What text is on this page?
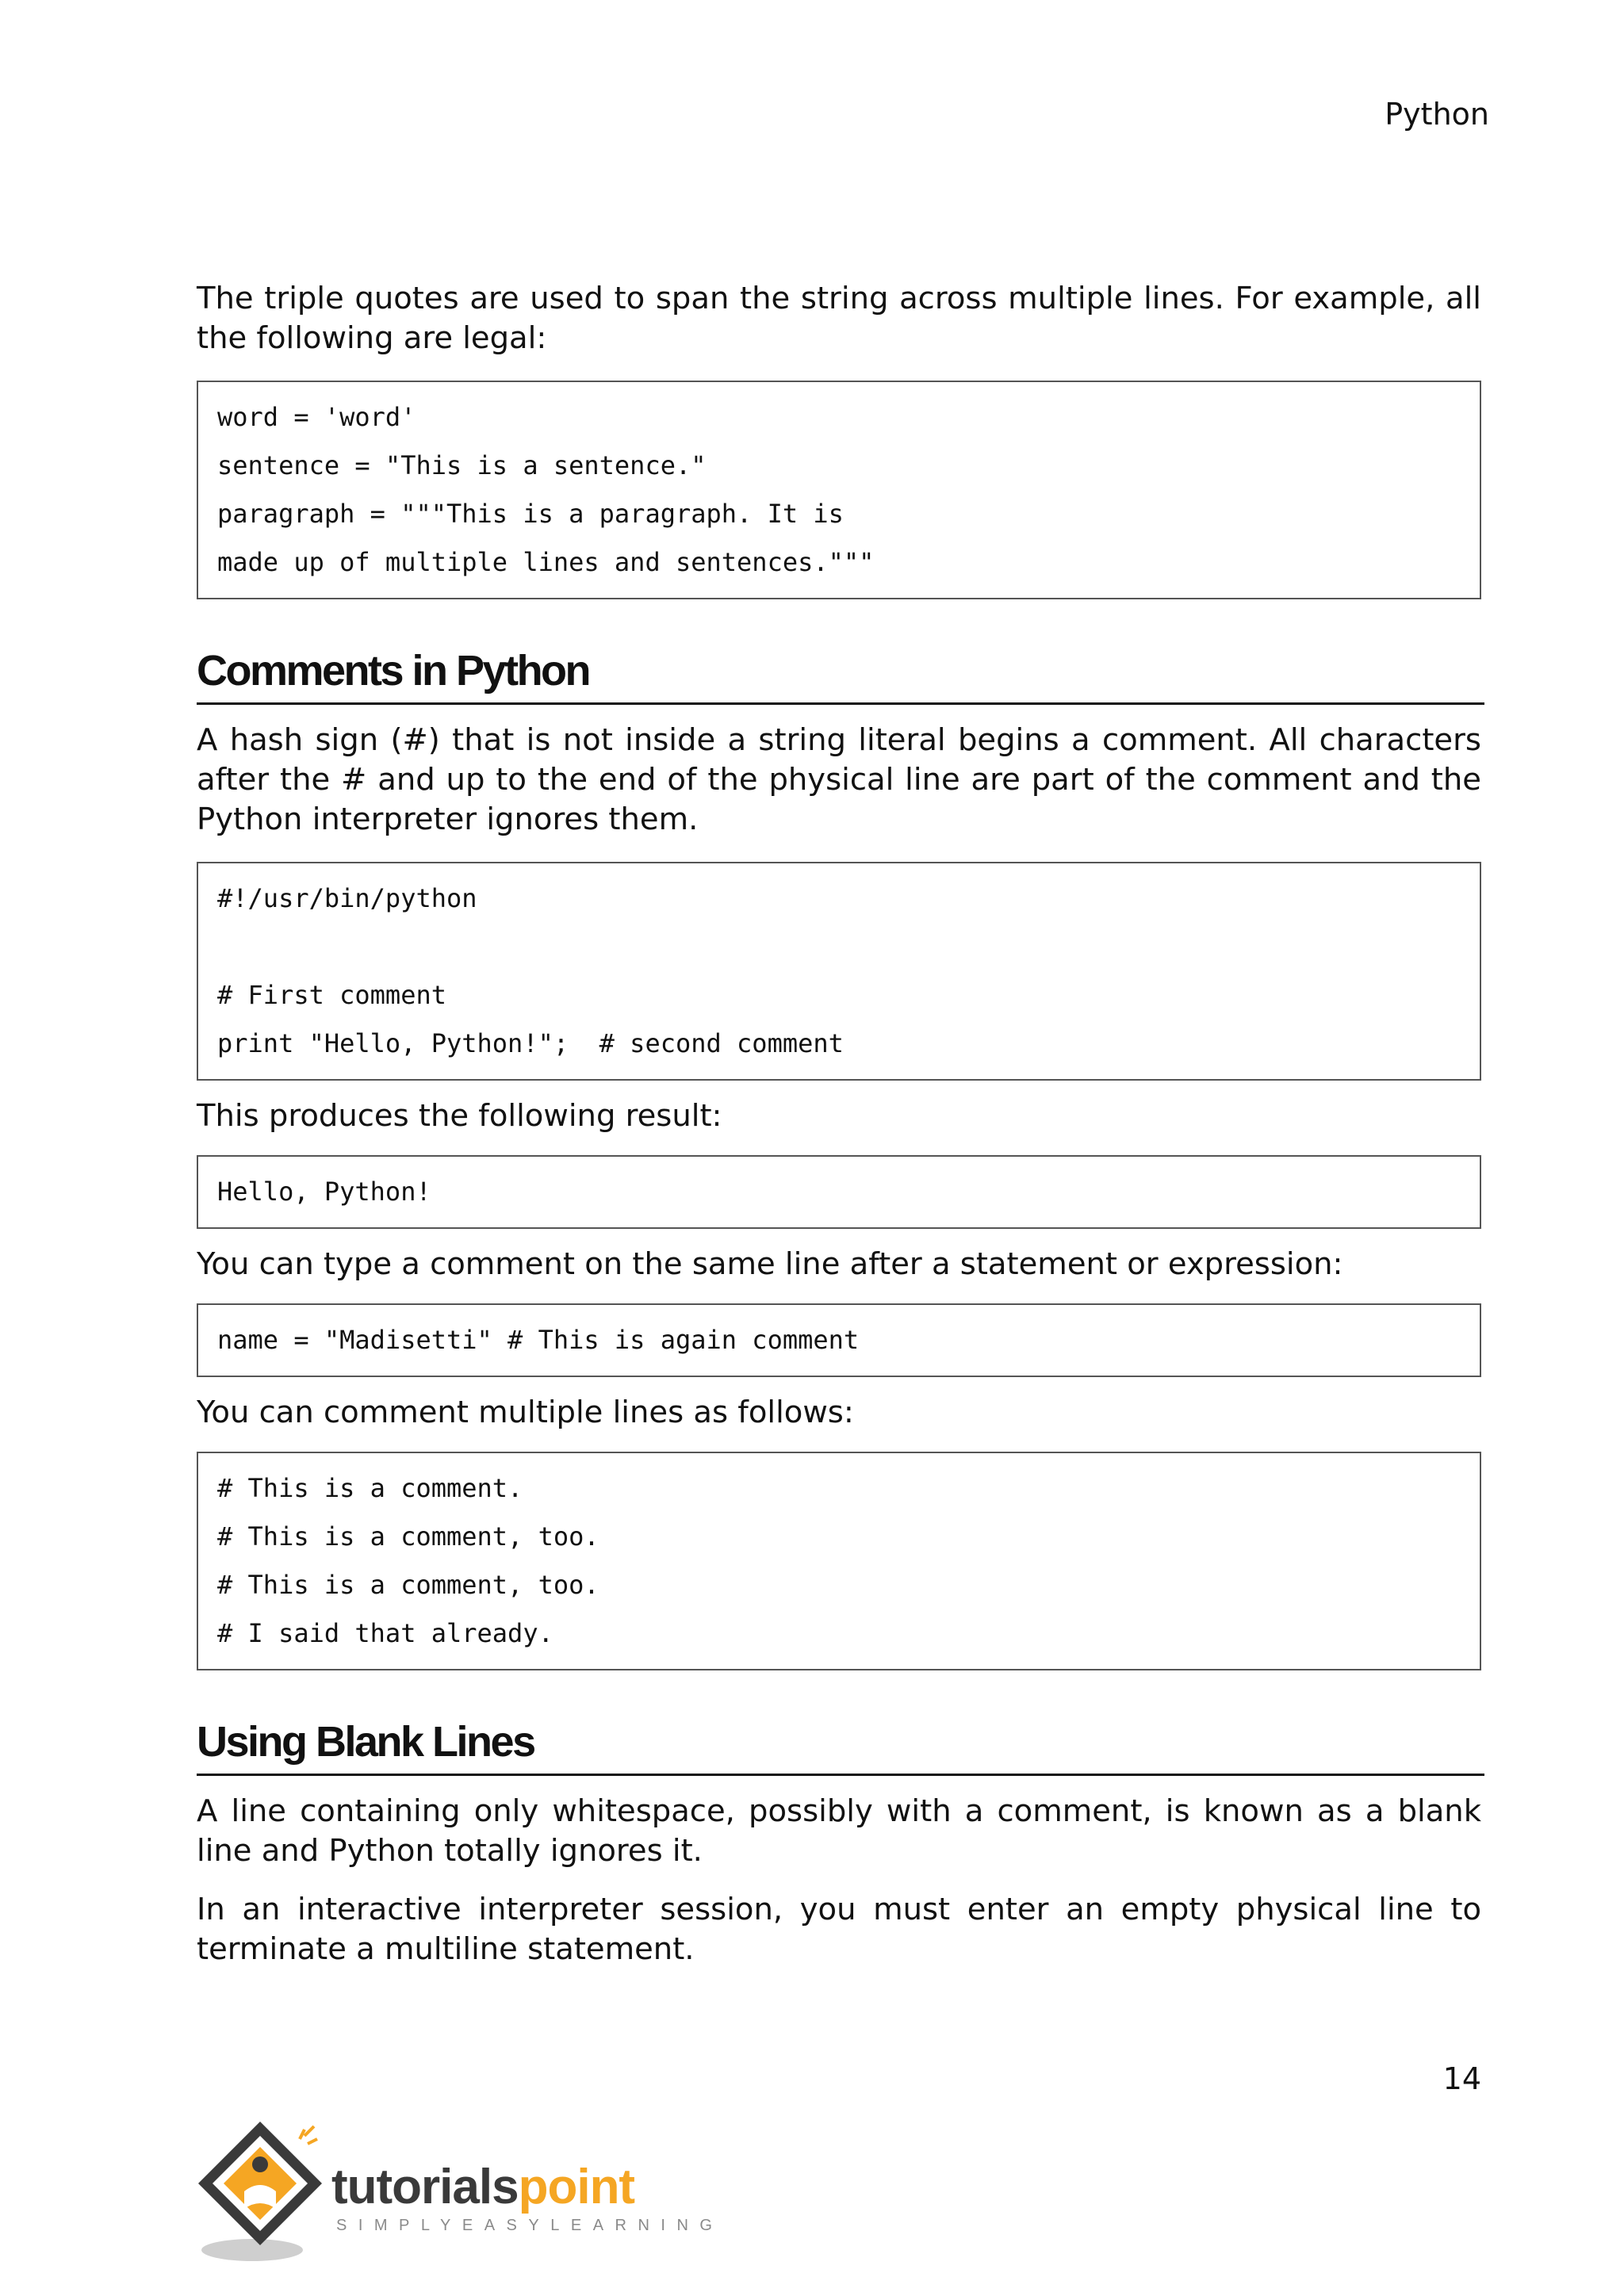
Python

The triple quotes are used to span the string across multiple lines. For example, all the following are legal:

word = 'word'
sentence = "This is a sentence."
paragraph = """This is a paragraph. It is
made up of multiple lines and sentences."""
Comments in Python

A hash sign (#) that is not inside a string literal begins a comment. All characters after the # and up to the end of the physical line are part of the comment and the Python interpreter ignores them.

#!/usr/bin/python
# First comment
print "Hello, Python!";  # second comment

This produces the following result:

Hello, Python!

You can type a comment on the same line after a statement or expression:

name = "Madisetti" # This is again comment

You can comment multiple lines as follows:

# This is a comment.
# This is a comment, too.
# This is a comment, too.
# I said that already.
Using Blank Lines

A line containing only whitespace, possibly with a comment, is known as a blank line and Python totally ignores it.

In an interactive interpreter session, you must enter an empty physical line to terminate a multiline statement.

14
tutorialspoint
SIMPLYEASYLEARNING
